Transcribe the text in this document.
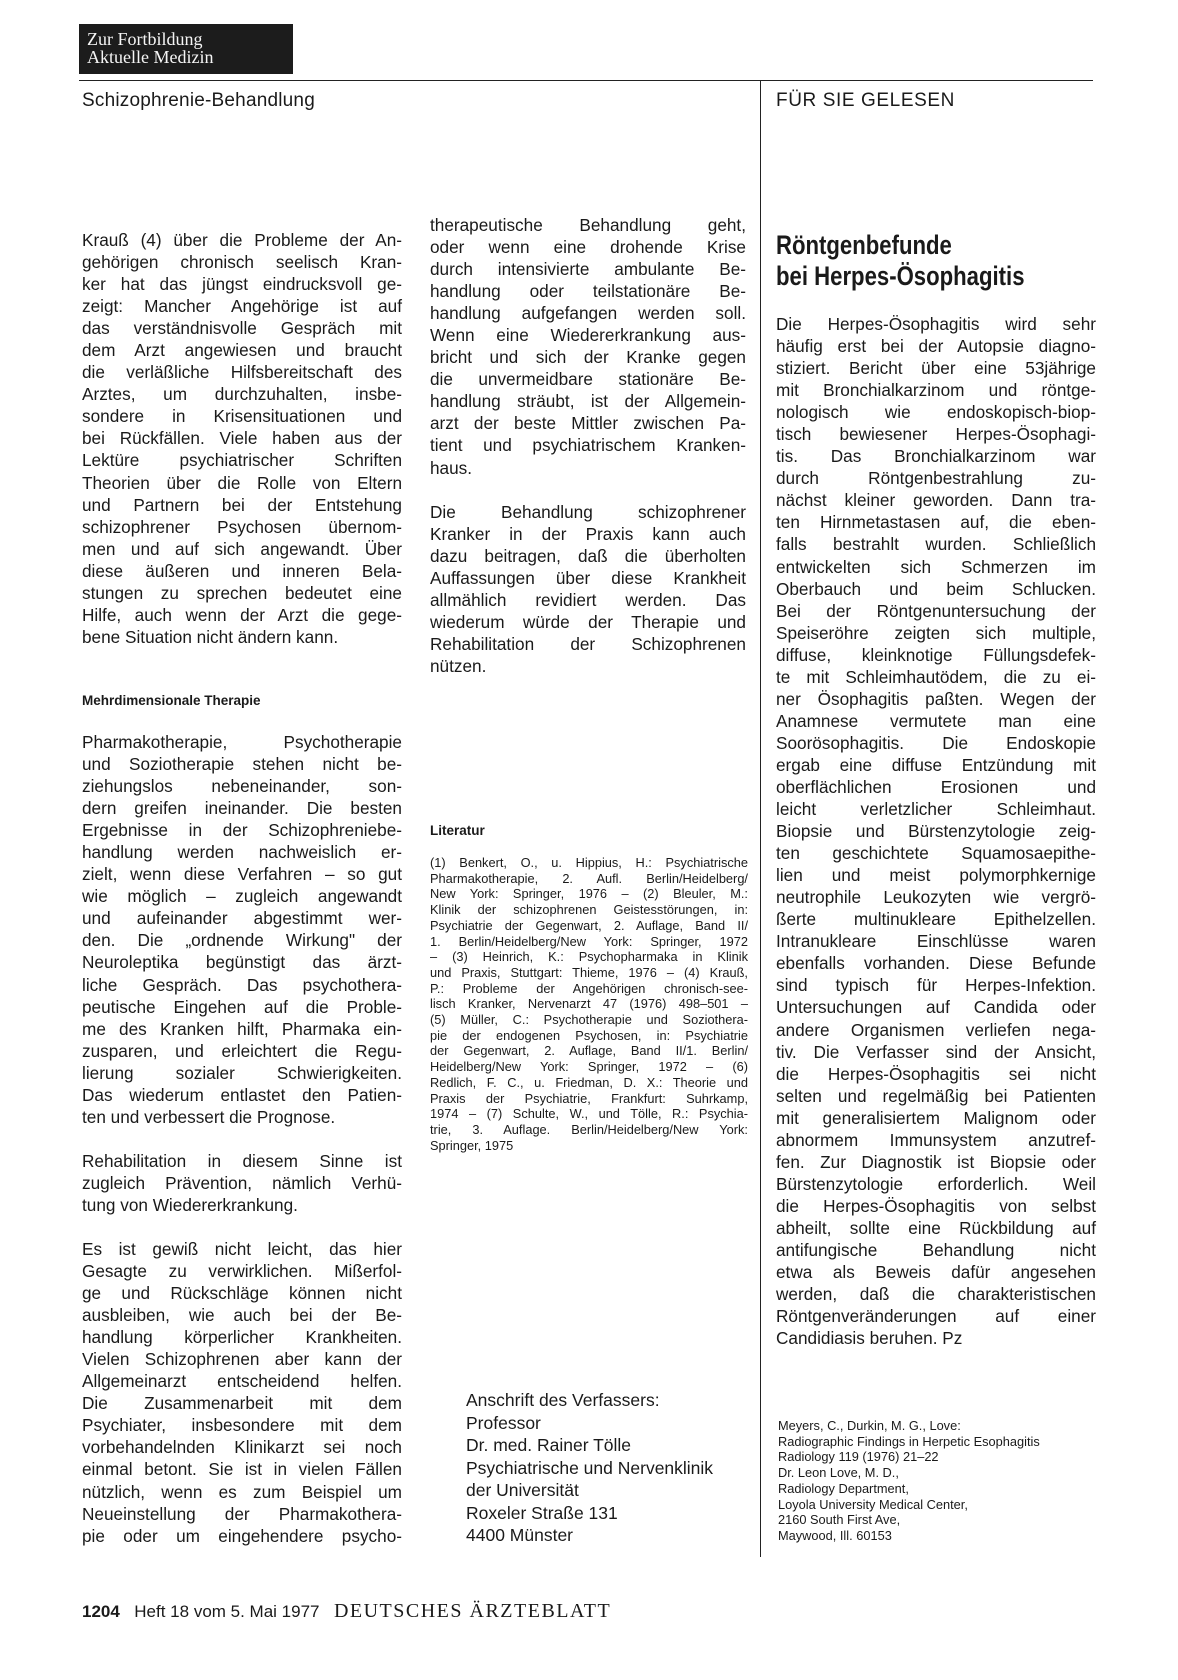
Zur Fortbildung
Aktuelle Medizin
Schizophrenie-Behandlung	FÜR SIE GELESEN

Krauß (4) über die Probleme der An-

gehörigen chronisch seelisch Kran-

ker hat das jüngst eindrucksvoll ge-

zeigt: Mancher Angehörige ist auf

das verständnisvolle Gespräch mit

dem Arzt angewiesen und braucht

die verläßliche Hilfsbereitschaft des

Arztes, um durchzuhalten, insbe-

sondere in Krisensituationen und

bei Rückfällen. Viele haben aus der

Lektüre psychiatrischer Schriften

Theorien über die Rolle von Eltern

und Partnern bei der Entstehung

schizophrener Psychosen übernom-

men und auf sich angewandt. Über

diese äußeren und inneren Bela-

stungen zu sprechen bedeutet eine

Hilfe, auch wenn der Arzt die gege-

bene Situation nicht ändern kann.

Mehrdimensionale Therapie

Pharmakotherapie, Psychotherapie

und Soziotherapie stehen nicht be-

ziehungslos nebeneinander, son-

dern greifen ineinander. Die besten

Ergebnisse in der Schizophreniebe-

handlung werden nachweislich er-

zielt, wenn diese Verfahren – so gut

wie möglich – zugleich angewandt

und aufeinander abgestimmt wer-

den. Die „ordnende Wirkung" der

Neuroleptika begünstigt das ärzt-

liche Gespräch. Das psychothera-

peutische Eingehen auf die Proble-

me des Kranken hilft, Pharmaka ein-

zusparen, und erleichtert die Regu-

lierung sozialer Schwierigkeiten.

Das wiederum entlastet den Patien-

ten und verbessert die Prognose.

Rehabilitation in diesem Sinne ist

zugleich Prävention, nämlich Verhü-

tung von Wiedererkrankung.

Es ist gewiß nicht leicht, das hier

Gesagte zu verwirklichen. Mißerfol-

ge und Rückschläge können nicht

ausbleiben, wie auch bei der Be-

handlung körperlicher Krankheiten.

Vielen Schizophrenen aber kann der

Allgemeinarzt entscheidend helfen.

Die Zusammenarbeit mit dem

Psychiater, insbesondere mit dem

vorbehandelnden Klinikarzt sei noch

einmal betont. Sie ist in vielen Fällen

nützlich, wenn es zum Beispiel um

Neueinstellung der Pharmakothera-

pie oder um eingehendere psycho-

therapeutische Behandlung geht,

oder wenn eine drohende Krise

durch intensivierte ambulante Be-

handlung oder teilstationäre Be-

handlung aufgefangen werden soll.

Wenn eine Wiedererkrankung aus-

bricht und sich der Kranke gegen

die unvermeidbare stationäre Be-

handlung sträubt, ist der Allgemein-

arzt der beste Mittler zwischen Pa-

tient und psychiatrischem Kranken-

haus.

Die Behandlung schizophrener

Kranker in der Praxis kann auch

dazu beitragen, daß die überholten

Auffassungen über diese Krankheit

allmählich revidiert werden. Das

wiederum würde der Therapie und

Rehabilitation der Schizophrenen

nützen.

Literatur

(1) Benkert, O., u. Hippius, H.: Psychiatrische

Pharmakotherapie, 2. Aufl. Berlin/Heidelberg/

New York: Springer, 1976 – (2) Bleuler, M.:

Klinik der schizophrenen Geistesstörungen, in:

Psychiatrie der Gegenwart, 2. Auflage, Band II/

1. Berlin/Heidelberg/New York: Springer, 1972

– (3) Heinrich, K.: Psychopharmaka in Klinik

und Praxis, Stuttgart: Thieme, 1976 – (4) Krauß,

P.: Probleme der Angehörigen chronisch-see-

lisch Kranker, Nervenarzt 47 (1976) 498–501 –

(5) Müller, C.: Psychotherapie und Soziothera-

pie der endogenen Psychosen, in: Psychiatrie

der Gegenwart, 2. Auflage, Band II/1. Berlin/

Heidelberg/New York: Springer, 1972 – (6)

Redlich, F. C., u. Friedman, D. X.: Theorie und

Praxis der Psychiatrie, Frankfurt: Suhrkamp,

1974 – (7) Schulte, W., und Tölle, R.: Psychia-

trie, 3. Auflage. Berlin/Heidelberg/New York:

Springer, 1975

Anschrift des Verfassers:
Professor
Dr. med. Rainer Tölle
Psychiatrische und Nervenklinik
der Universität
Roxeler Straße 131
4400 Münster
Röntgenbefunde
bei Herpes-Ösophagitis

Die Herpes-Ösophagitis wird sehr

häufig erst bei der Autopsie diagno-

stiziert. Bericht über eine 53jährige

mit Bronchialkarzinom und röntge-

nologisch wie endoskopisch-biop-

tisch bewiesener Herpes-Ösophagi-

tis. Das Bronchialkarzinom war

durch Röntgenbestrahlung zu-

nächst kleiner geworden. Dann tra-

ten Hirnmetastasen auf, die eben-

falls bestrahlt wurden. Schließlich

entwickelten sich Schmerzen im

Oberbauch und beim Schlucken.

Bei der Röntgenuntersuchung der

Speiseröhre zeigten sich multiple,

diffuse, kleinknotige Füllungsdefek-

te mit Schleimhautödem, die zu ei-

ner Ösophagitis paßten. Wegen der

Anamnese vermutete man eine

Soorösophagitis. Die Endoskopie

ergab eine diffuse Entzündung mit

oberflächlichen Erosionen und

leicht verletzlicher Schleimhaut.

Biopsie und Bürstenzytologie zeig-

ten geschichtete Squamosaepithe-

lien und meist polymorphkernige

neutrophile Leukozyten wie vergrö-

ßerte multinukleare Epithelzellen.

Intranukleare Einschlüsse waren

ebenfalls vorhanden. Diese Befunde

sind typisch für Herpes-Infektion.

Untersuchungen auf Candida oder

andere Organismen verliefen nega-

tiv. Die Verfasser sind der Ansicht,

die Herpes-Ösophagitis sei nicht

selten und regelmäßig bei Patienten

mit generalisiertem Malignom oder

abnormem Immunsystem anzutref-

fen. Zur Diagnostik ist Biopsie oder

Bürstenzytologie erforderlich. Weil

die Herpes-Ösophagitis von selbst

abheilt, sollte eine Rückbildung auf

antifungische Behandlung nicht

etwa als Beweis dafür angesehen

werden, daß die charakteristischen

Röntgenveränderungen auf einer

Candidiasis beruhen. Pz

Meyers, C., Durkin, M. G., Love:
Radiographic Findings in Herpetic Esophagitis
Radiology 119 (1976) 21–22
Dr. Leon Love, M. D.,
Radiology Department,
Loyola University Medical Center,
2160 South First Ave,
Maywood, Ill. 60153
1204 Heft 18 vom 5. Mai 1977 DEUTSCHES ÄRZTEBLATT
